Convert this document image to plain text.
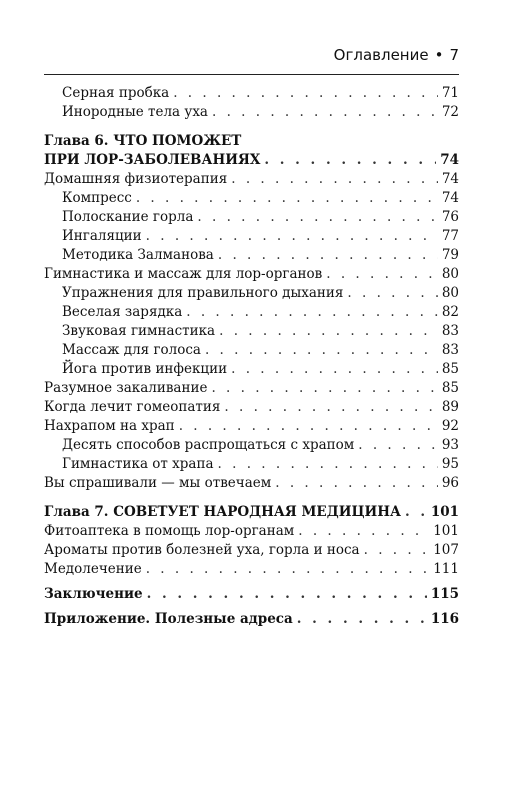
Оглавление • 7
Серная пробка . . .	71
Инородные тела уха . . .	72
Глава 6. ЧТО ПОМОЖЕТ
ПРИ ЛОР-ЗАБОЛЕВАНИЯХ . . .	74
Домашняя физиотерапия . . .	74
Компресс . . .	74
Полоскание горла . . .	76
Ингаляции . . .	77
Методика Залманова . . .	79
Гимнастика и массаж для лор-органов . . .	80
Упражнения для правильного дыхания . . .	80
Веселая зарядка . . .	82
Звуковая гимнастика . . .	83
Массаж для голоса . . .	83
Йога против инфекции . . .	85
Разумное закаливание . . .	85
Когда лечит гомеопатия . . .	89
Нахрапом на храп . . .	92
Десять способов распрощаться с храпом . . .	93
Гимнастика от храпа . . .	95
Вы спрашивали — мы отвечаем . . .	96
Глава 7. СОВЕТУЕТ НАРОДНАЯ МЕДИЦИНА . . . 101
Фитоаптека в помощь лор-органам . . .	101
Ароматы против болезней уха, горла и носа . . .	107
Медолечение . . .	111
Заключение . . .	115
Приложение. Полезные адреса . . .	116
